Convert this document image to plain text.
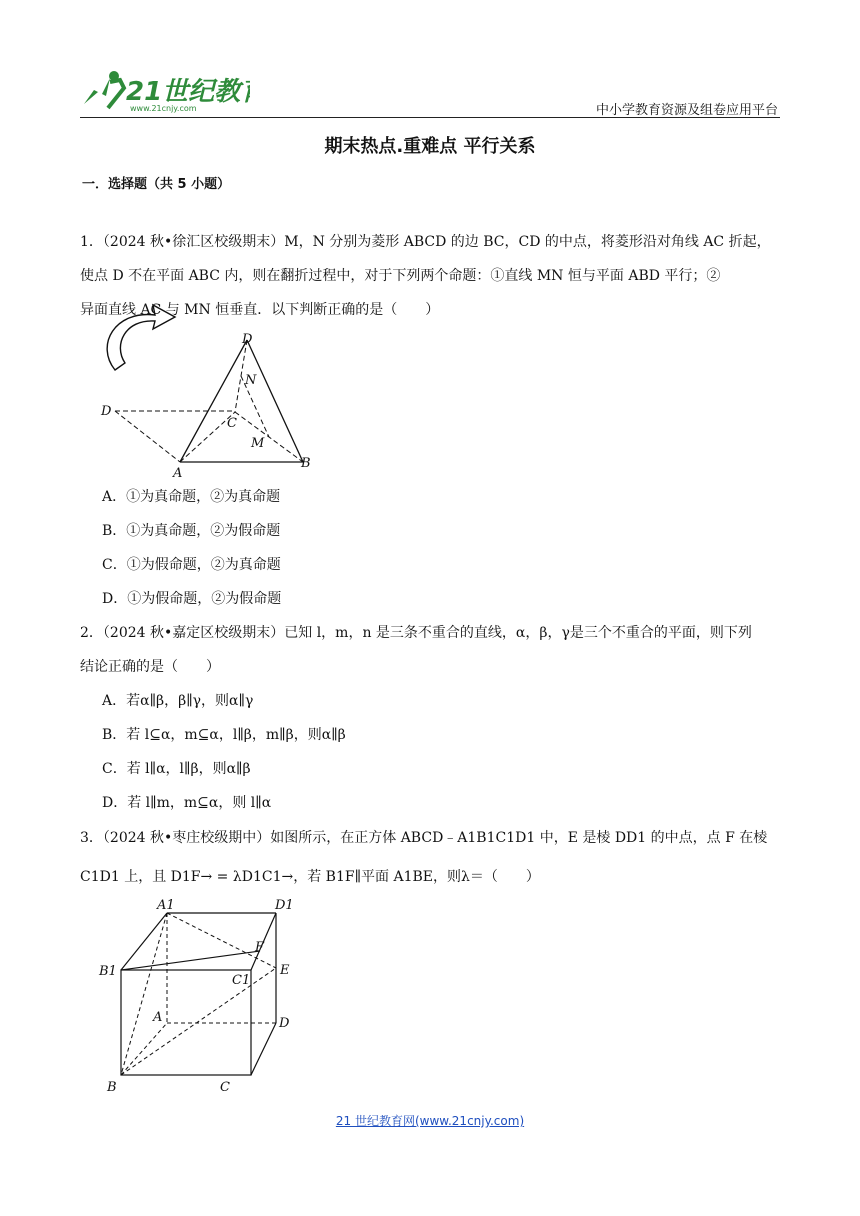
21世纪教
www.21cnjy.com	中小学教育资源及组卷应用平台
期末热点.重难点 平行关系
一．选择题（共 5 小题）
1．（2024 秋•徐汇区校级期末）M，N 分别为菱形 ABCD 的边 BC，CD 的中点，将菱形沿对角线 AC 折起，
使点 D 不在平面 ABC 内，则在翻折过程中，对于下列两个命题：①直线 MN 恒与平面 ABD 平行；②
异面直线 AC 与 MN 恒垂直．以下判断正确的是（　　）
D
N
D
C
M
A
B
A．①为真命题，②为真命题
B．①为真命题，②为假命题
C．①为假命题，②为真命题
D．①为假命题，②为假命题
2．（2024 秋•嘉定区校级期末）已知 l，m，n 是三条不重合的直线，α，β，γ是三个不重合的平面，则下列
结论正确的是（　　）
A．若α∥β，β∥γ，则α∥γ
B．若 l⊆α，m⊆α，l∥β，m∥β，则α∥β
C．若 l∥α，l∥β，则α∥β
D．若 l∥m，m⊆α，则 l∥α
3．（2024 秋•枣庄校级期中）如图所示，在正方体 ABCD﹣A1B1C1D1 中，E 是棱 DD1 的中点，点 F 在棱
C1D1 上，且 D1F→ = λD1C1→，若 B1F∥平面 A1BE，则λ＝（　　）
A1	D1
F
B1
C1
E
A	D
B	C
21 世纪教育网(www.21cnjy.com)
